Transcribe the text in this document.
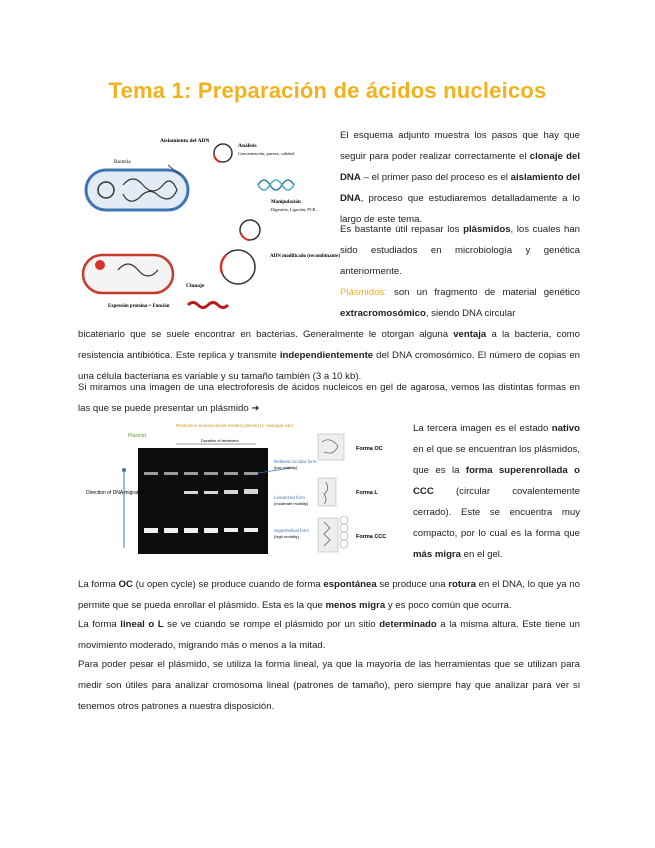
Tema 1: Preparación de ácidos nucleicos
Aislamiento del ADN
Análisis
Concentración, pureza, calidad.
Bacteria
Manipulación
Digestión, Ligación, PCR…
ADN modificado (recombinante)
Clonaje
Expresión proteína-> Función
El esquema adjunto muestra los pasos que hay que seguir para poder realizar correctamente el clonaje del DNA – el primer paso del proceso es el aislamiento del DNA, proceso que estudiaremos detalladamente a lo largo de este tema.
Es bastante útil repasar los plásmidos, los cuales han sido estudiados en microbiología y genética anteriormente.
Plásmidos: son un fragmento de material genético extracromosómico, siendo DNA circular
bicatenario que se suele encontrar en bacterias. Generalmente le otorgan alguna ventaja a la bacteria, como resistencia antibiótica. Este replica y transmite independientemente del DNA cromosómico. El número de copias en una célula bacteriana es variable y su tamaño también (3 a 10 kb).
Si miramos una imagen de una electroforesis de ácidos nucleicos en gel de agarosa, vemos las distintas formas en las que se puede presentar un plásmido ➔
Plasmid
Restriction endonuclease-treated plasmid (1 cleavage site)
Duration of treatment
Direction of DNA migration
Relaxed circular form
(low mobility)
Linearized form
(moderate mobility)
Superhelical form
(high mobility)
Forma OC
Forma L
Forma CCC
La tercera imagen es el estado nativo en el que se encuentran los plásmidos, que es la forma superenrollada o CCC (circular covalentemente cerrado). Este se encuentra muy compacto, por lo cual es la forma que más migra en el gel.
La forma OC (u open cycle) se produce cuando de forma espontánea se produce una rotura en el DNA, lo que ya no permite que se pueda enrollar el plásmido. Esta es la que menos migra y es poco común que ocurra.
La forma lineal o L se ve cuando se rompe el plásmido por un sitio determinado a la misma altura. Este tiene un movimiento moderado, migrando más o menos a la mitad.
Para poder pesar el plásmido, se utiliza la forma lineal, ya que la mayoría de las herramientas que se utilizan para medir son útiles para analizar cromosoma lineal (patrones de tamaño), pero siempre hay que analizar para ver si tenemos otros patrones a nuestra disposición.
